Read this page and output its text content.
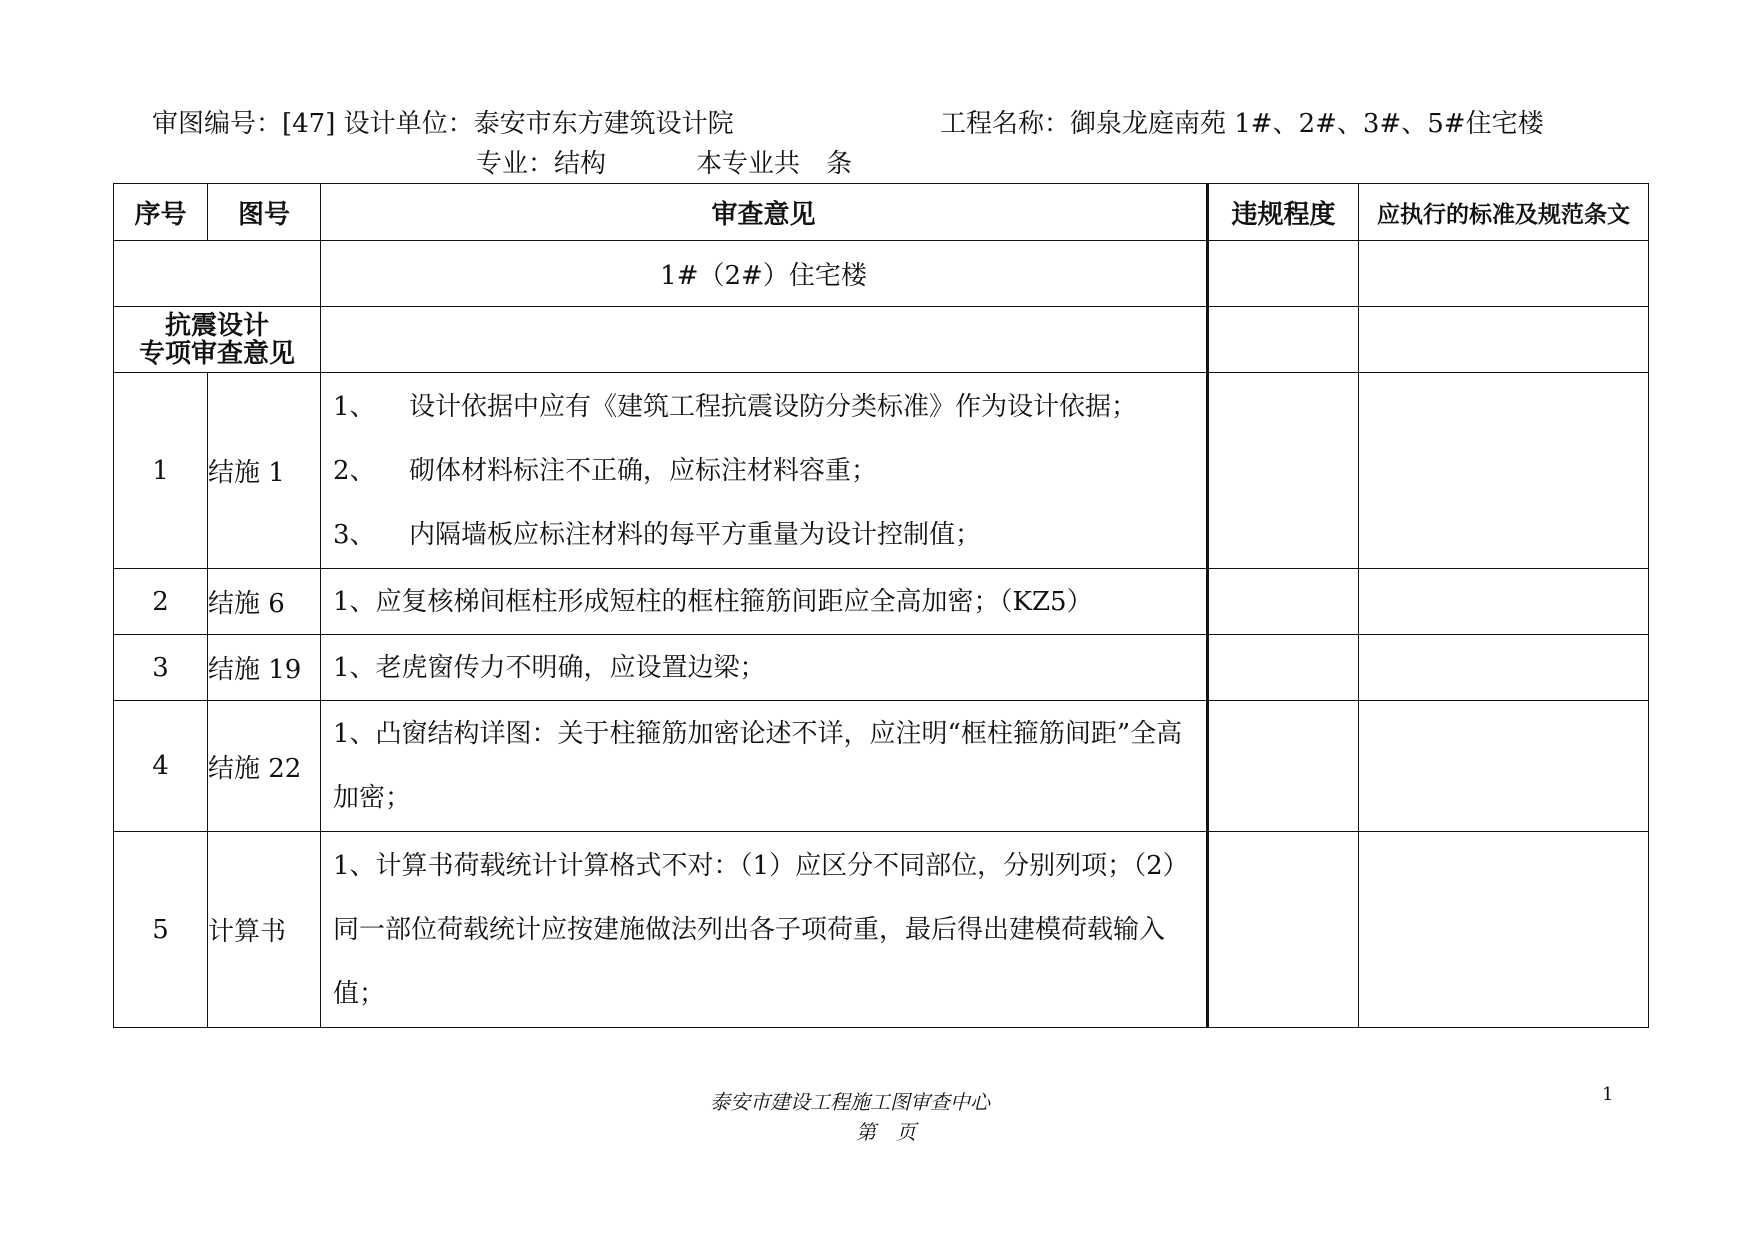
审图编号：[47] 设计单位：泰安市东方建筑设计院	工程名称：御泉龙庭南苑 1#、2#、3#、5#住宅楼
专业：结构	本专业共　条
序号	图号	审查意见	违规程度	应执行的标准及规范条文
		1#（2#）住宅楼		

抗震设计
专项审查意见				

1	结施 1	1、 设计依据中应有《建筑工程抗震设防分类标准》作为设计依据；
2、 砌体材料标注不正确，应标注材料容重；
3、 内隔墙板应标注材料的每平方重量为设计控制值；		

2	结施 6	1、应复核梯间框柱形成短柱的框柱箍筋间距应全高加密；（KZ5）		

3	结施 19	1、老虎窗传力不明确，应设置边梁；		

4	结施 22	1、凸窗结构详图：关于柱箍筋加密论述不详，应注明“框柱箍筋间距”全高加密；		

5	计算书	1、计算书荷载统计计算格式不对：（1）应区分不同部位，分别列项；（2）同一部位荷载统计应按建施做法列出各子项荷重，最后得出建模荷载输入值；		

泰安市建设工程施工图审查中心
第　页
1
